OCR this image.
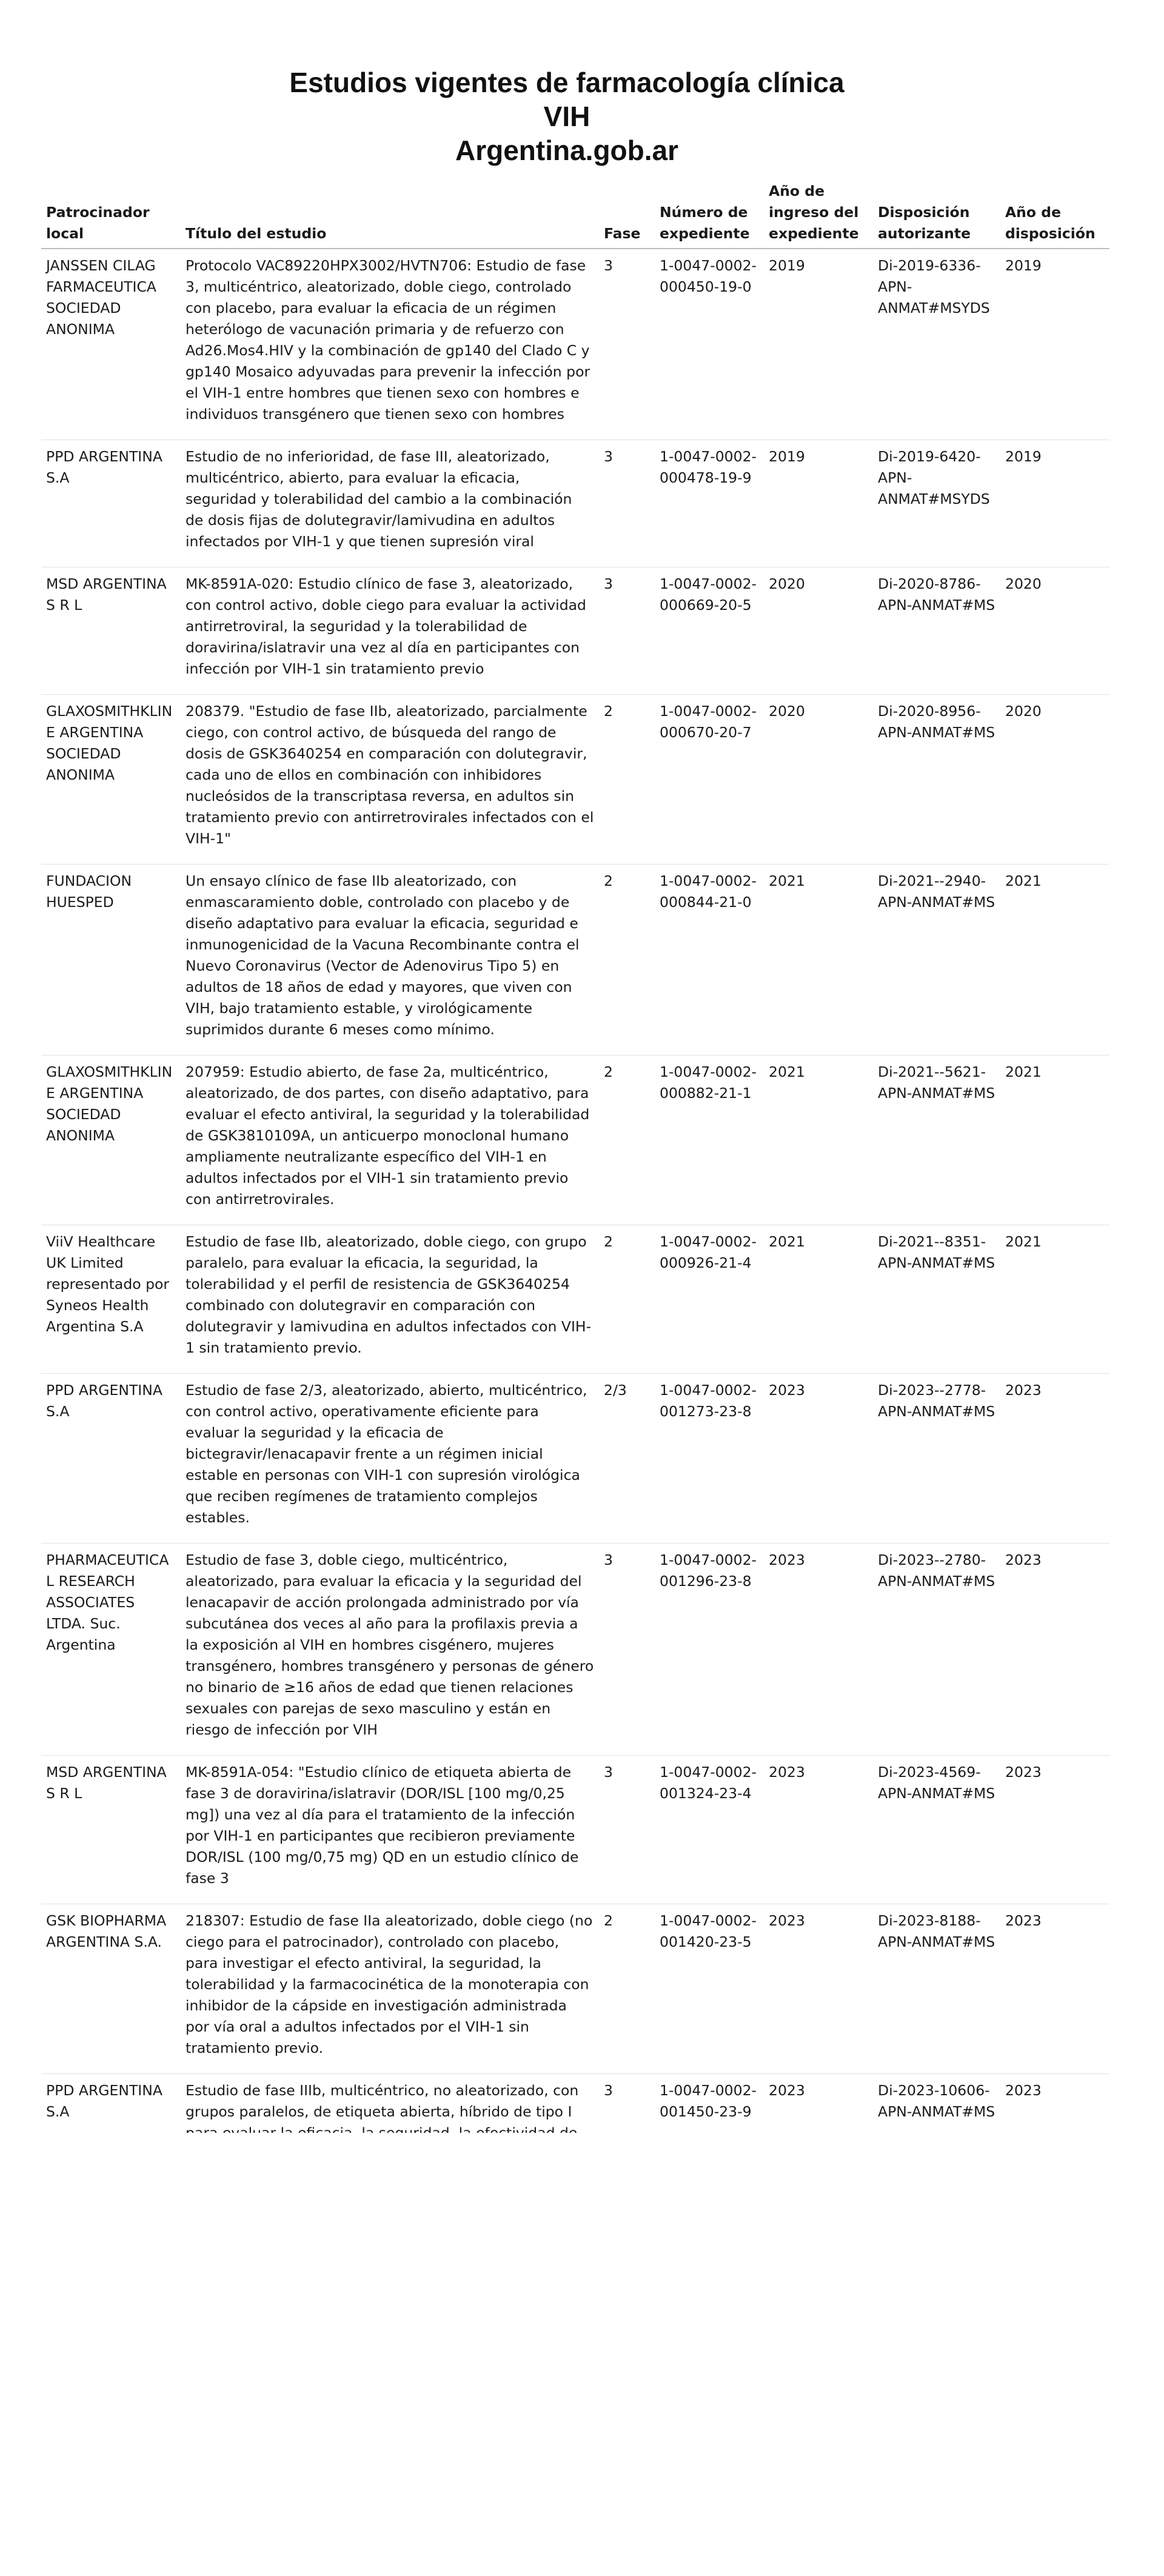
Estudios vigentes de farmacología clínica
VIH
Argentina.gob.ar
Patrocinador local	Título del estudio	Fase	Número de expediente	Año de ingreso del expediente	Disposición autorizante	Año de disposición
JANSSEN CILAG FARMACEUTICA SOCIEDAD ANONIMA	Protocolo VAC89220HPX3002/HVTN706: Estudio de fase 3, multicéntrico, aleatorizado, doble ciego, controlado con placebo, para evaluar la eficacia de un régimen heterólogo de vacunación primaria y de refuerzo con Ad26.Mos4.HIV y la combinación de gp140 del Clado C y gp140 Mosaico adyuvadas para prevenir la infección por el VIH-1 entre hombres que tienen sexo con hombres e individuos transgénero que tienen sexo con hombres	3	1-0047-0002-000450-19-0	2019	Di-2019-6336-APN-ANMAT#MSYDS	2019
PPD ARGENTINA S.A	Estudio de no inferioridad, de fase III, aleatorizado, multicéntrico, abierto, para evaluar la eficacia, seguridad y tolerabilidad del cambio a la combinación de dosis fijas de dolutegravir/lamivudina en adultos infectados por VIH-1 y que tienen supresión viral	3	1-0047-0002-000478-19-9	2019	Di-2019-6420-APN-ANMAT#MSYDS	2019
MSD ARGENTINA S R L	MK-8591A-020: Estudio clínico de fase 3, aleatorizado, con control activo, doble ciego para evaluar la actividad antirretroviral, la seguridad y la tolerabilidad de doravirina/islatravir una vez al día en participantes con infección por VIH-1 sin tratamiento previo	3	1-0047-0002-000669-20-5	2020	Di-2020-8786-APN-ANMAT#MS	2020
GLAXOSMITHKLINE ARGENTINA SOCIEDAD ANONIMA	208379. "Estudio de fase IIb, aleatorizado, parcialmente ciego, con control activo, de búsqueda del rango de dosis de GSK3640254 en comparación con dolutegravir, cada uno de ellos en combinación con inhibidores nucleósidos de la transcriptasa reversa, en adultos sin tratamiento previo con antirretrovirales infectados con el VIH-1"	2	1-0047-0002-000670-20-7	2020	Di-2020-8956-APN-ANMAT#MS	2020
FUNDACION HUESPED	Un ensayo clínico de fase IIb aleatorizado, con enmascaramiento doble, controlado con placebo y de diseño adaptativo para evaluar la eficacia, seguridad e inmunogenicidad de la Vacuna Recombinante contra el Nuevo Coronavirus (Vector de Adenovirus Tipo 5) en adultos de 18 años de edad y mayores, que viven con VIH, bajo tratamiento estable, y virológicamente suprimidos durante 6 meses como mínimo.	2	1-0047-0002-000844-21-0	2021	Di-2021--2940-APN-ANMAT#MS	2021
GLAXOSMITHKLINE ARGENTINA SOCIEDAD ANONIMA	207959: Estudio abierto, de fase 2a, multicéntrico, aleatorizado, de dos partes, con diseño adaptativo, para evaluar el efecto antiviral, la seguridad y la tolerabilidad de GSK3810109A, un anticuerpo monoclonal humano ampliamente neutralizante específico del VIH-1 en adultos infectados por el VIH-1 sin tratamiento previo con antirretrovirales.	2	1-0047-0002-000882-21-1	2021	Di-2021--5621-APN-ANMAT#MS	2021
ViiV Healthcare UK Limited representado por Syneos Health Argentina S.A	Estudio de fase IIb, aleatorizado, doble ciego, con grupo paralelo, para evaluar la eficacia, la seguridad, la tolerabilidad y el perfil de resistencia de GSK3640254 combinado con dolutegravir en comparación con dolutegravir y lamivudina en adultos infectados con VIH-1 sin tratamiento previo.	2	1-0047-0002-000926-21-4	2021	Di-2021--8351-APN-ANMAT#MS	2021
PPD ARGENTINA S.A	Estudio de fase 2/3, aleatorizado, abierto, multicéntrico, con control activo, operativamente eficiente para evaluar la seguridad y la eficacia de bictegravir/lenacapavir frente a un régimen inicial estable en personas con VIH-1 con supresión virológica que reciben regímenes de tratamiento complejos estables.	2/3	1-0047-0002-001273-23-8	2023	Di-2023--2778-APN-ANMAT#MS	2023
PHARMACEUTICAL RESEARCH ASSOCIATES LTDA. Suc. Argentina	Estudio de fase 3, doble ciego, multicéntrico, aleatorizado, para evaluar la eficacia y la seguridad del lenacapavir de acción prolongada administrado por vía subcutánea dos veces al año para la profilaxis previa a la exposición al VIH en hombres cisgénero, mujeres transgénero, hombres transgénero y personas de género no binario de ≥16 años de edad que tienen relaciones sexuales con parejas de sexo masculino y están en riesgo de infección por VIH	3	1-0047-0002-001296-23-8	2023	Di-2023--2780-APN-ANMAT#MS	2023
MSD ARGENTINA S R L	MK-8591A-054: "Estudio clínico de etiqueta abierta de fase 3 de doravirina/islatravir (DOR/ISL [100 mg/0,25 mg]) una vez al día para el tratamiento de la infección por VIH-1 en participantes que recibieron previamente DOR/ISL (100 mg/0,75 mg) QD en un estudio clínico de fase 3	3	1-0047-0002-001324-23-4	2023	Di-2023-4569-APN-ANMAT#MS	2023
GSK BIOPHARMA ARGENTINA S.A.	218307: Estudio de fase IIa aleatorizado, doble ciego (no ciego para el patrocinador), controlado con placebo, para investigar el efecto antiviral, la seguridad, la tolerabilidad y la farmacocinética de la monoterapia con inhibidor de la cápside en investigación administrada por vía oral a adultos infectados por el VIH-1 sin tratamiento previo.	2	1-0047-0002-001420-23-5	2023	Di-2023-8188-APN-ANMAT#MS	2023
PPD ARGENTINA S.A	Estudio de fase IIIb, multicéntrico, no aleatorizado, con grupos paralelos, de etiqueta abierta, híbrido de tipo I	3	1-0047-0002-001450-23-9	2023	Di-2023-10606-APN-ANMAT#MS	2023
